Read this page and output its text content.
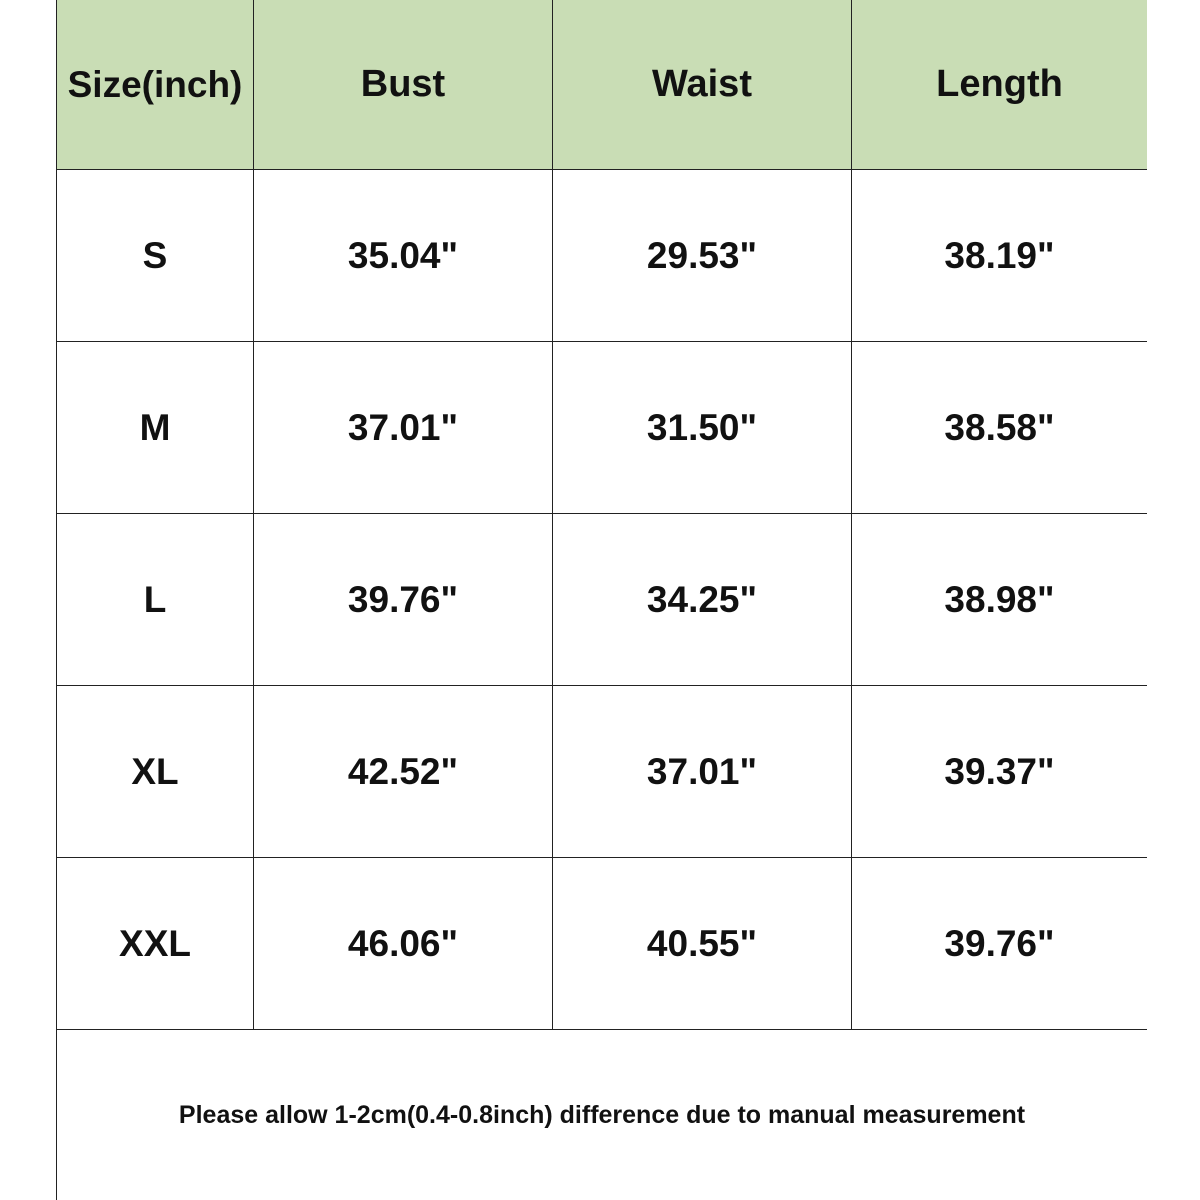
Size(inch)	Bust	Waist	Length
S	35.04"	29.53"	38.19"
M	37.01"	31.50"	38.58"
L	39.76"	34.25"	38.98"
XL	42.52"	37.01"	39.37"
XXL	46.06"	40.55"	39.76"
Please allow 1-2cm(0.4-0.8inch) difference due to manual measurement
